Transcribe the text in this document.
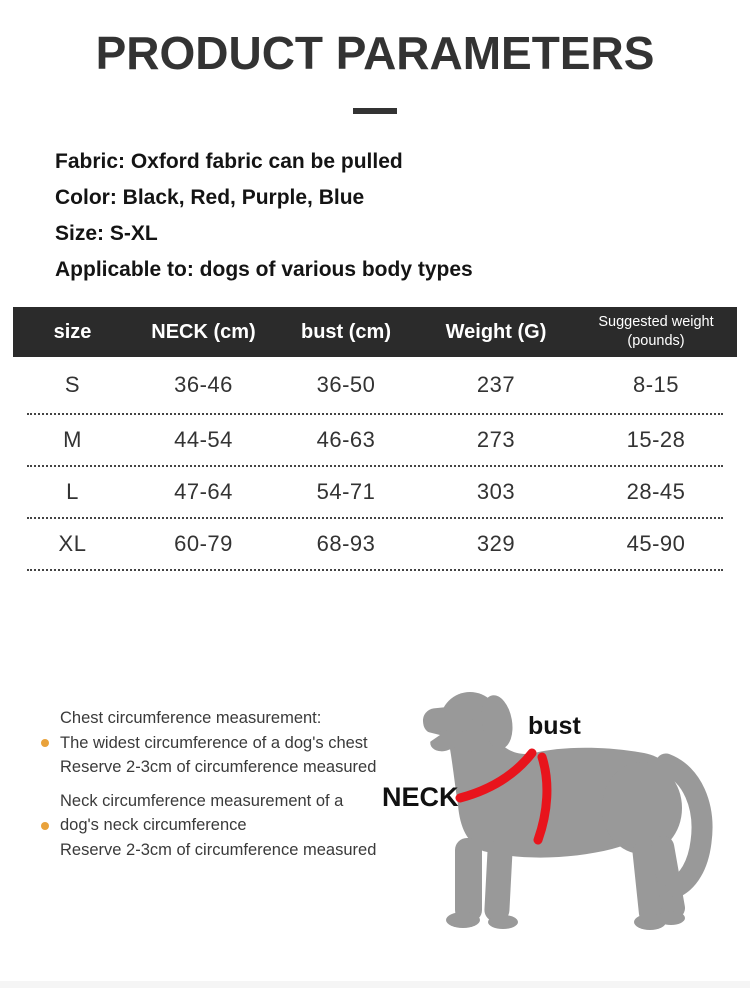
PRODUCT PARAMETERS
Fabric: Oxford fabric can be pulled
Color: Black, Red, Purple, Blue
Size: S-XL
Applicable to: dogs of various body types
size	NECK (cm)	bust (cm)	Weight (G)	Suggested weight (pounds)
S	36-46	36-50	237	8-15
M	44-54	46-63	273	15-28
L	47-64	54-71	303	28-45
XL	60-79	68-93	329	45-90
Chest circumference measurement:
The widest circumference of a dog's chest
Reserve 2-3cm of circumference measured
Neck circumference measurement of a
dog's neck circumference
Reserve 2-3cm of circumference measured
bust
NECK
